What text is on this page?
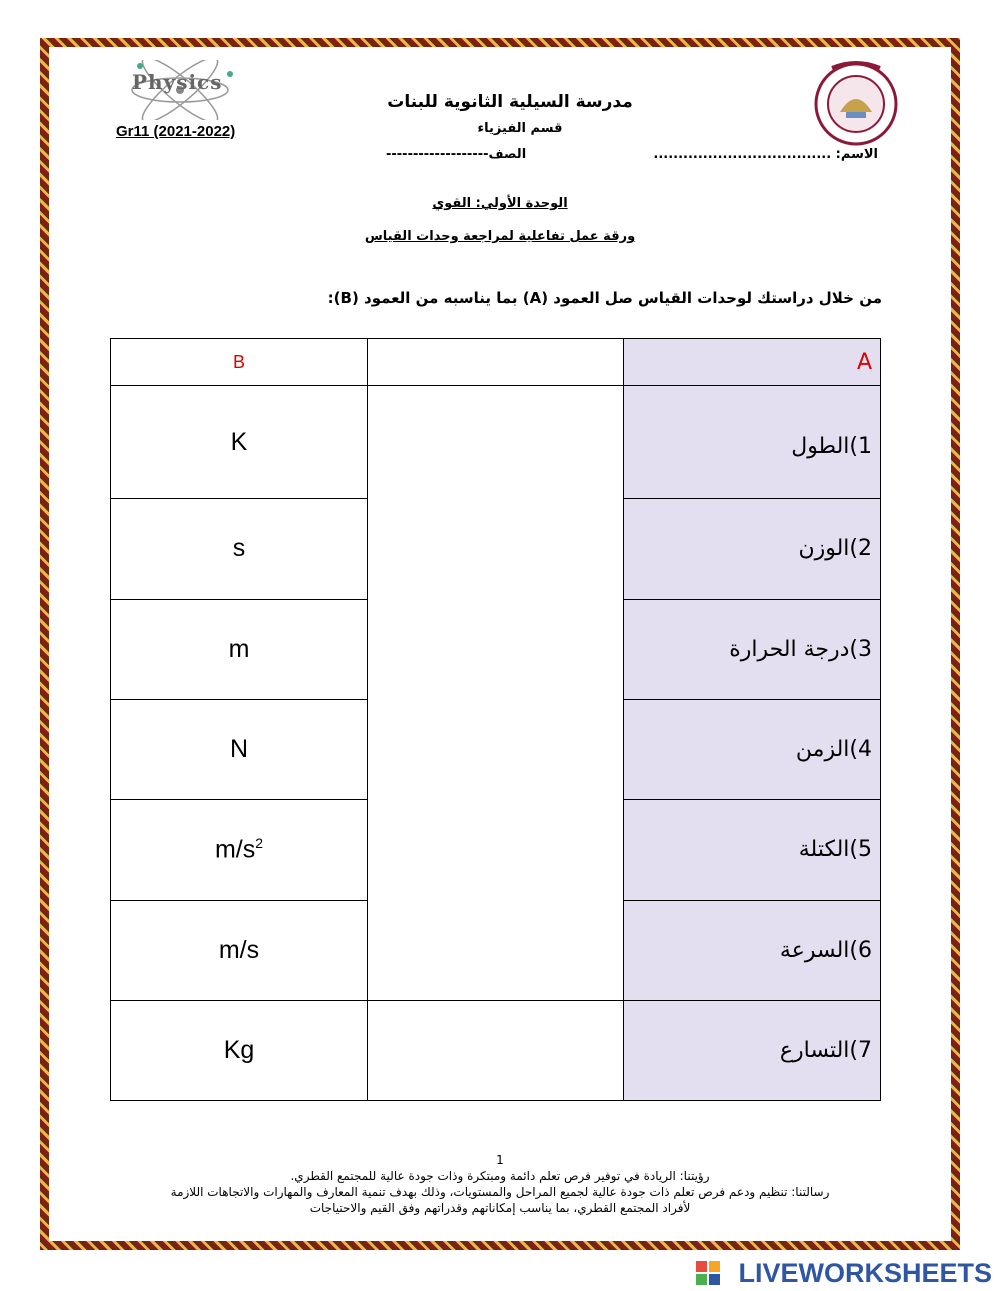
Physics
Gr11 (2021-2022)
مدرسة السيلية الثانوية للبنات
قسم الفيزياء
الاسم: ....................................
الصف-------------------
الوحدة الأولي: القوي
ورقة عمل تفاعلية لمراجعة وحدات القياس
من خلال دراستك لوحدات القياس صل العمود (A) بما يناسبه من العمود (B):
B		A
K		1)الطول
s		2)الوزن
m		3)درجة الحرارة
N		4)الزمن
$m/s^2$		5)الكتلة
m/s		6)السرعة
Kg		7)التسارع
1
رؤيتنا: الريادة في توفير فرص تعلم دائمة ومبتكرة وذات جودة عالية للمجتمع القطري.
رسالتنا: تنظيم ودعم فرص تعلم ذات جودة عالية لجميع المراحل والمستويات، وذلك بهدف تنمية المعارف والمهارات والاتجاهات اللازمة
لأفراد المجتمع القطري، بما يناسب إمكاناتهم وقدراتهم وفق القيم والاحتياجات
LIVEWORKSHEETS
